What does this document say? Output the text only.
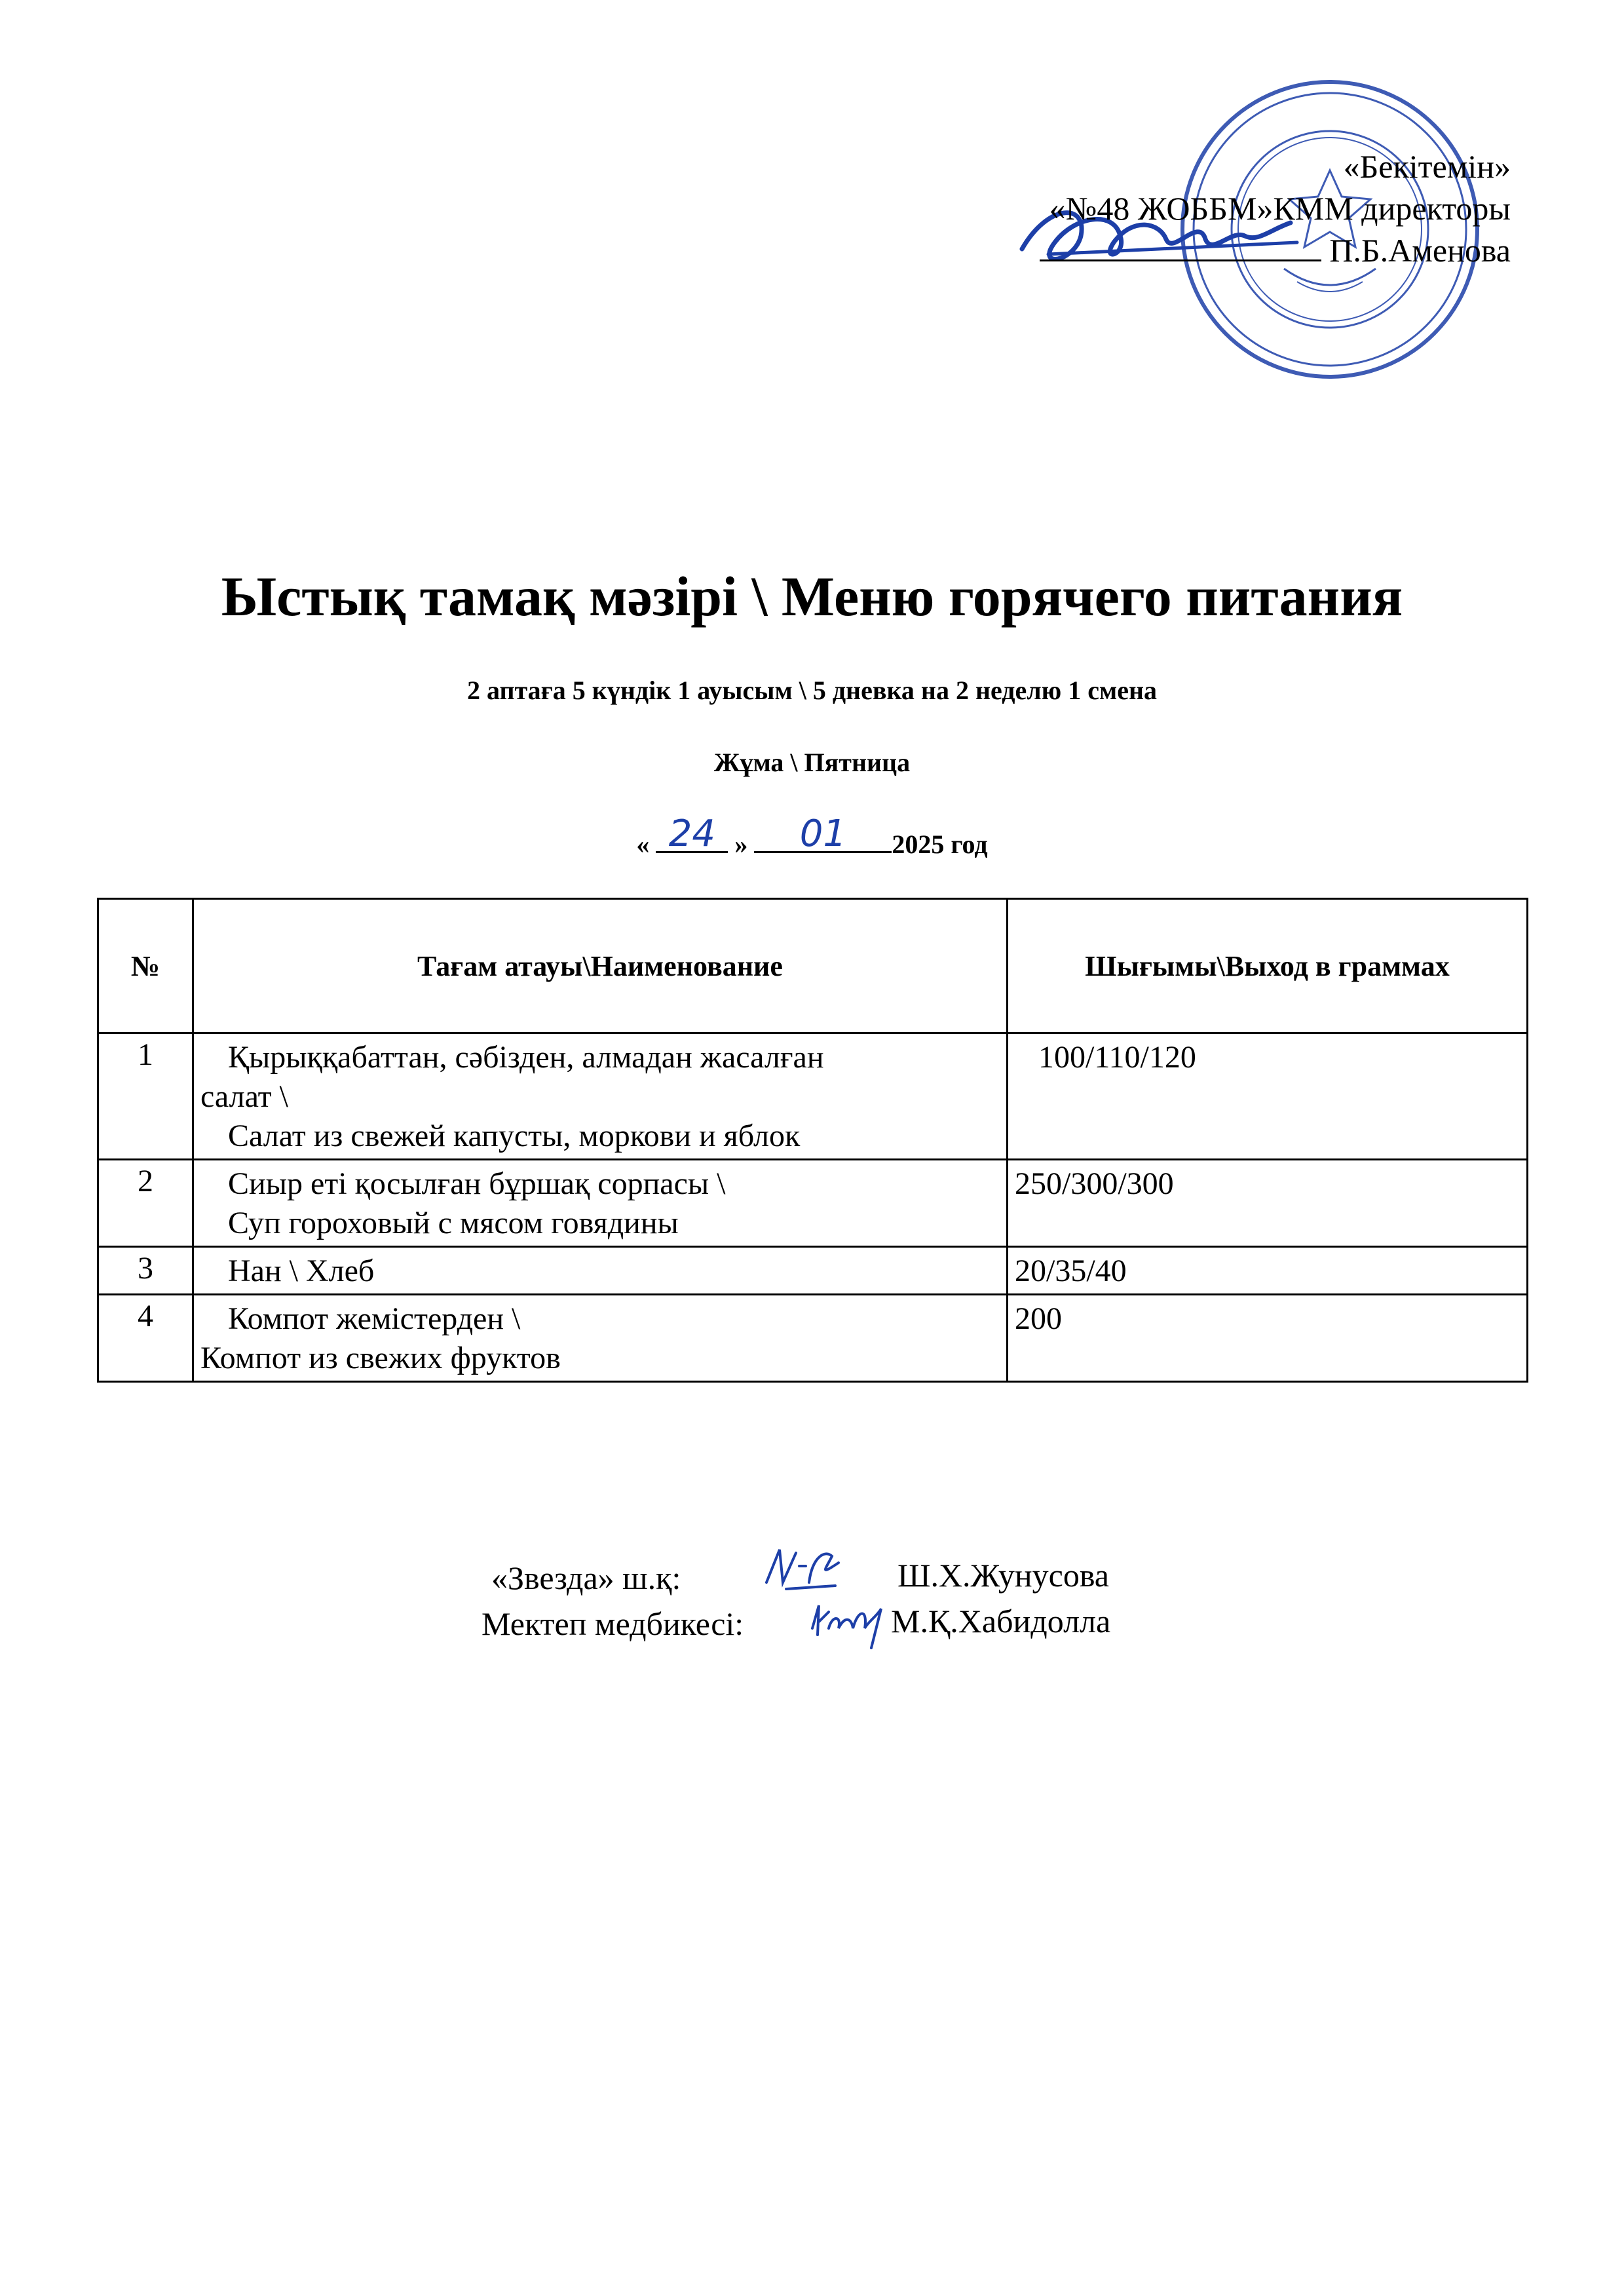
«Бекітемін»
«№48 ЖОББМ»КММ директоры
П.Б.Аменова
Ыстық тамақ мәзірі \ Меню горячего питания
2 аптаға 5 күндік 1 ауысым \ 5 дневка на 2 неделю 1 смена
Жұма \ Пятница
« 24 »	01	2025 год
№	Тағам атауы\Наименование	Шығымы\Выход в граммах
1	Қырыққабаттан, сәбізден, алмадан жасалған
салат \
Салат из свежей капусты, моркови и яблок	100/110/120
2	Сиыр еті қосылған бұршақ сорпасы \
Суп гороховый с мясом говядины	250/300/300
3	Нан \ Хлеб	20/35/40
4	Компот жемістерден \
Компот из свежих фруктов	200
«Звезда» ш.қ:	Ш.Х.Жунусова
Мектеп медбикесі:	М.Қ.Хабидолла
